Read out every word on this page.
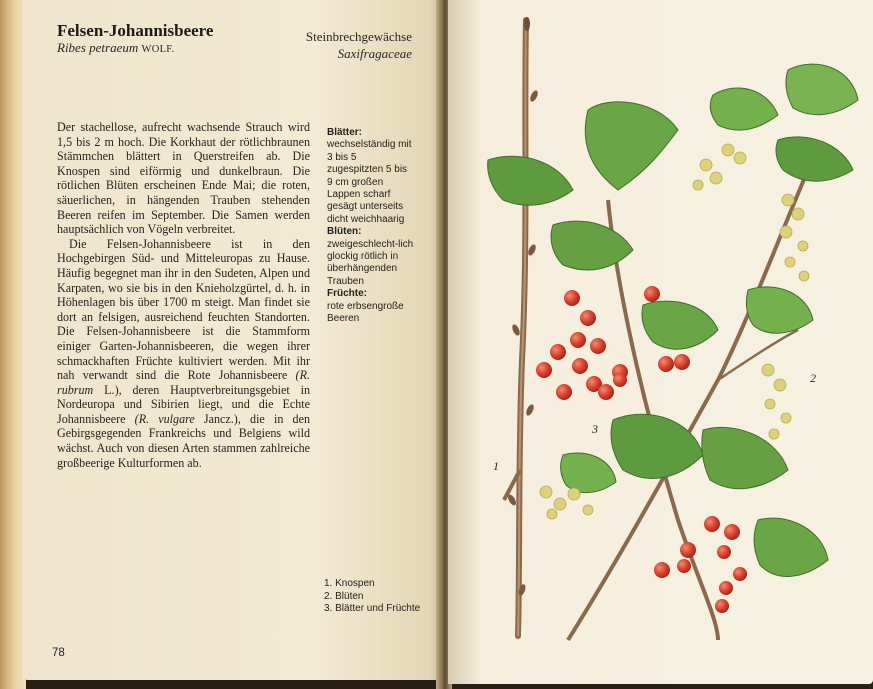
Felsen-Johannisbeere
Ribes petraeum WOLF.
Steinbrechgewächse
Saxifragaceae

Der stachellose, aufrecht wachsende Strauch wird 1,5 bis 2 m hoch. Die Korkhaut der rötlichbraunen Stämmchen blättert in Querstreifen ab. Die Knospen sind eiförmig und dunkelbraun. Die rötlichen Blüten erscheinen Ende Mai; die roten, säuerlichen, in hängenden Trauben stehenden Beeren reifen im September. Die Samen werden hauptsächlich von Vögeln verbreitet.

Die Felsen-Johannisbeere ist in den Hochgebirgen Süd- und Mitteleuropas zu Hause. Häufig begegnet man ihr in den Sudeten, Alpen und Karpaten, wo sie bis in den Knieholzgürtel, d. h. in Höhenlagen bis über 1700 m steigt. Man findet sie dort an felsigen, ausreichend feuchten Standorten. Die Felsen-Johannisbeere ist die Stammform einiger Garten-Johannisbeeren, die wegen ihrer schmackhaften Früchte kultiviert werden. Mit ihr nah verwandt sind die Rote Johannisbeere (R. rubrum L.), deren Hauptverbreitungsgebiet in Nordeuropa und Sibirien liegt, und die Echte Johannisbeere (R. vulgare Jancz.), die in den Gebirgsgegenden Frankreichs und Belgiens wild wächst. Auch von diesen Arten stammen zahlreiche großbeerige Kulturformen ab.

Blätter:
wechselständig mit 3 bis 5 zugespitzten 5 bis 9 cm großen Lappen scharf gesägt unterseits dicht weichhaarig
Blüten:
zweigeschlecht-lich glockig rötlich in überhängenden Trauben
Früchte:
rote erbsengroße Beeren
1. Knospen
2. Blüten
3. Blätter und Früchte
78
1
2
3
